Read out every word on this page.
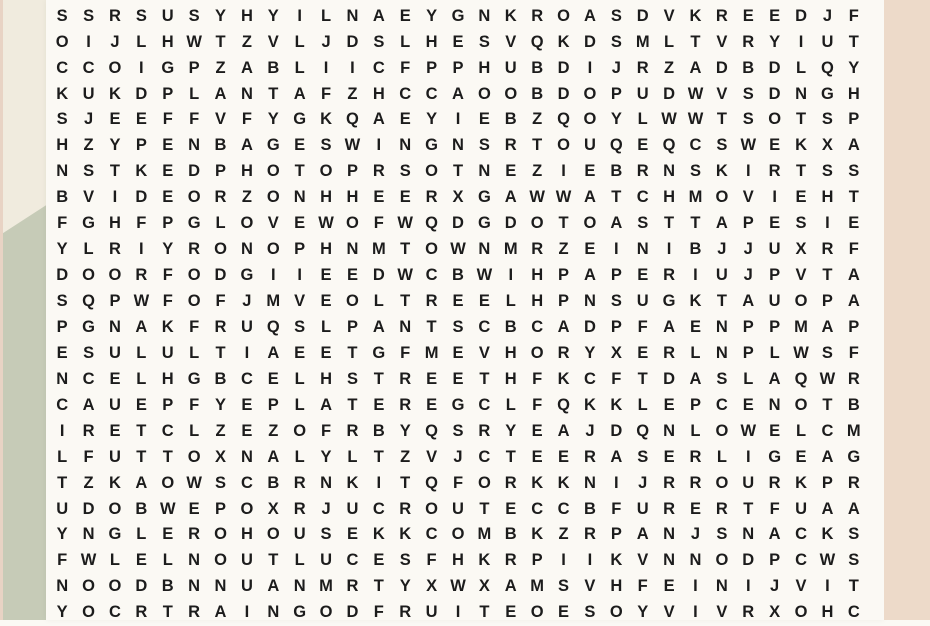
S S R S U S Y H Y	I	L N A E Y G N K R O A S D V K R E E D J	F
O	I	J	L H W T Z V L	J D S L H E S V Q K D S M L T V R Y	I	U T
C C O	I	G P Z A B L	I	I	C F P P H U B D	I	J R Z A D B D L Q Y
K U K D P L A N T A F Z H C C A O O B D O P U D W V S D N G H
S J E E F F V F Y G K Q A E Y	I	E B Z Q O Y L W W T S O T S P
H Z Y P E N B A G E S W I	N G N S R T O U Q E Q C S W E K X A
N S T K E D P H O T O P R S O T N E Z	I	E B R N S K	I	R T S S
B V	I	D E O R Z O N H H E E R X G A W W A T C H M O V	I	E H T
F G H F P G L O V E W O F W Q D G D O T O A S T T A P E S	I	E
Y L R	I	Y R O N O P H N M T O W N M R Z E	I	N	I	B J	J U X R F
D O O R F O D G	I	I	E E D W C B W I	H P A P E R	I	U J P V T A
S Q P W F O F	J M V E O L T R E E L H P N S U G K T A U O P A
P G N A K F R U Q S L P A N T S C B C A D P F A E N P P M A P
E S U L U L T	I	A E E T G F M E V H O R Y X E R L N P L W S F
N C E L H G B C E L H S T R E E T H F K C F T D A S L A Q W R
C A U E P F Y E P L A T E R E G C L F Q K K L E P C E N O T B
I	R E T C L Z E Z O F R B Y Q S R Y E A J D Q N L O W E L C M
L F U T T O X N A L Y L T Z V J C T E E R A S E R L	I	G E A G
T Z K A O W S C B R N K	I	T Q F O R K K N	I	J R R O U R K P R
U D O B W E P O X R J U C R O U T E C C B F U R E R T F U A A
Y N G L E R O H O U S E K K C O M B K Z R P A N J S N A C K S
F W L E L N O U T L U C E S F H K R P	I	I	K V N N O D P C W S
N O O D B N N U A N M R T Y X W X A M S V H F E	I	N	I	J V	I	T
Y O C R T R A	I	N G O D F R U	I	T E O E S O Y V	I	V R X O H C
